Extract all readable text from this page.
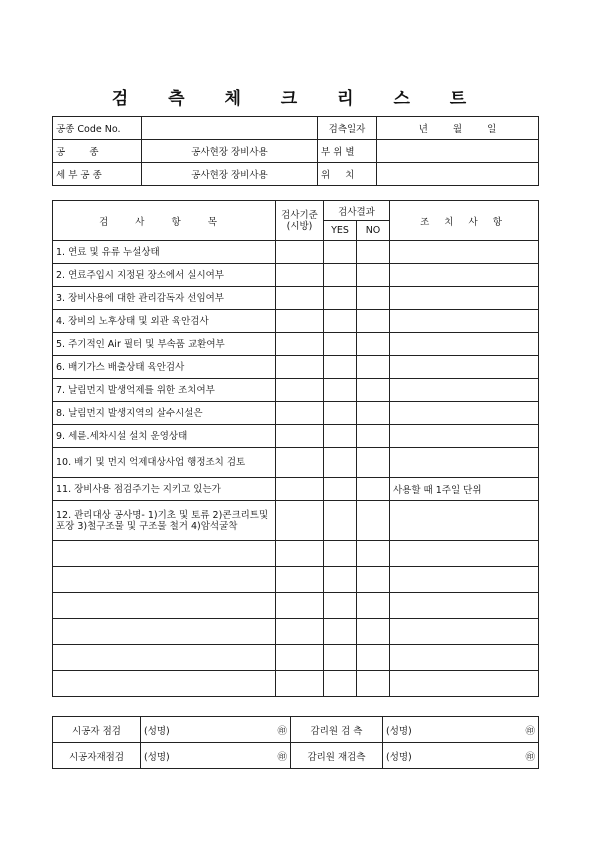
검 측 체 크 리 스 트
공종 Code No.		검측일자	년 월 일
공        종	공사현장 장비사용	부 위 별	
세 부 공 종	공사현장 장비사용	위     치	
검 사 항 목	검사기준
(시방)	검사결과		조 치 사 항
		YES	NO	
1. 연료 및 유류 누설상태				
2. 연료주입시 지정된 장소에서 실시여부				
3. 장비사용에 대한 관리감독자 선임여부				
4. 장비의 노후상태 및 외관 육안검사				
5. 주기적인 Air 필터 및 부속품 교환여부				
6. 배기가스 배출상태 육안검사				
7. 날림먼지 발생억제를 위한 조치여부				
8. 날림먼지 발생지역의 살수시설은				
9. 세륜.세차시설 설치 운영상태				
10. 배기 및 먼지 억제대상사업 행정조치 검토				
11. 장비사용 점검주기는 지키고 있는가				사용할 때 1주일 단위
12. 관리대상 공사명- 1)기초 및 토류 2)콘크리트및 포장 3)철구조물 및 구조물 철거 4)암석굴착				

시공자 점검	(성명) ㊞	감리원 검 측	(성명) ㊞

시공자재점검	(성명) ㊞	감리원 재검측	(성명) ㊞
